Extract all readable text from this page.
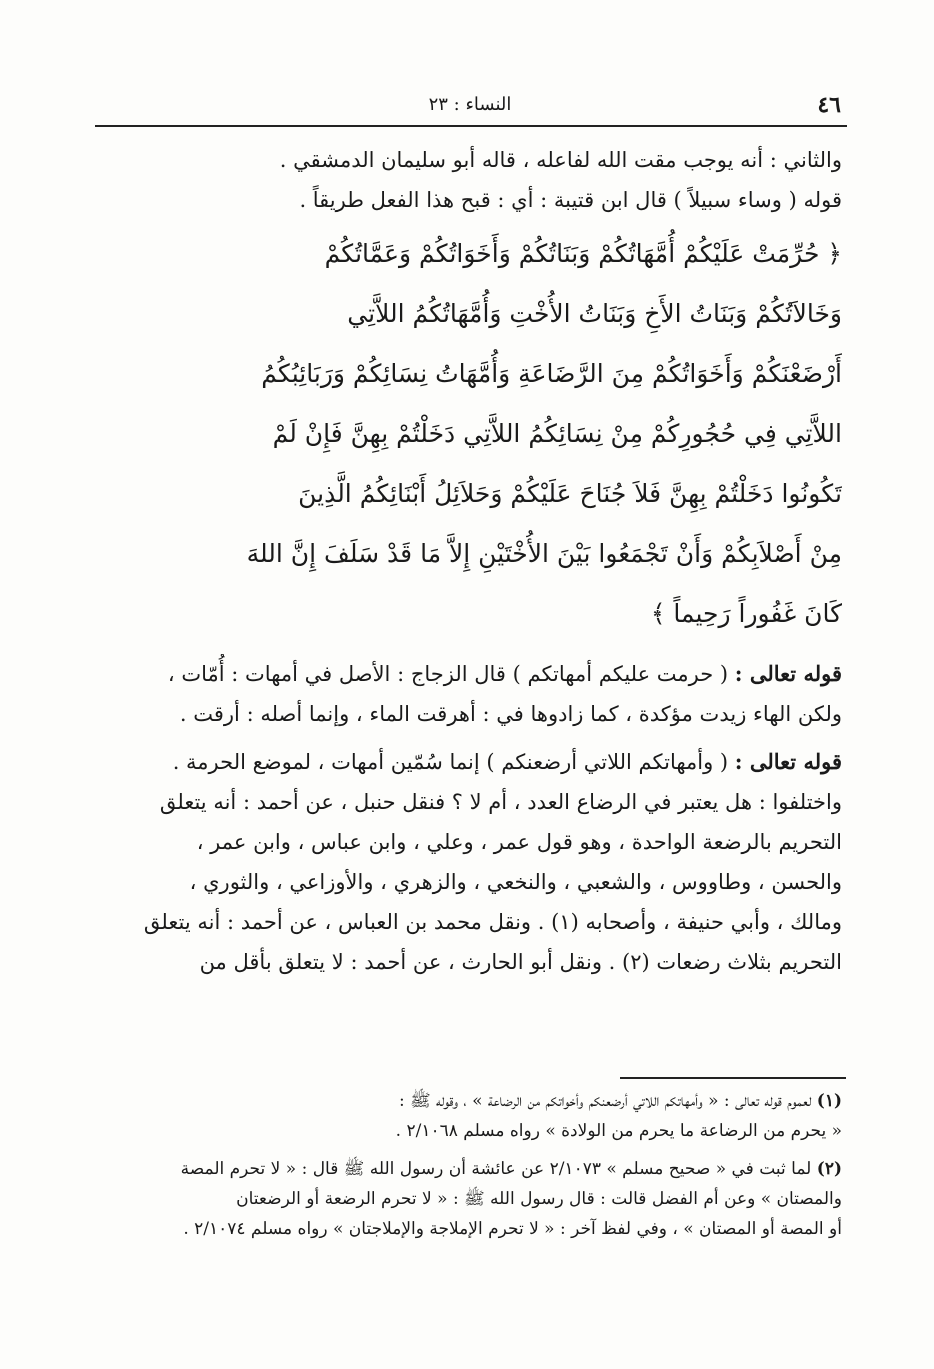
٤٦
النساء : ٢٣
والثاني : أنه يوجب مقت الله لفاعله ، قاله أبو سليمان الدمشقي .
قوله ( وساء سبيلاً ) قال ابن قتيبة : أي : قبح هذا الفعل طريقاً .
﴿ حُرِّمَتْ عَلَيْكُمْ أُمَّهَاتُكُمْ وَبَنَاتُكُمْ وَأَخَوَاتُكُمْ وَعَمَّاتُكُمْ
وَخَالاَتُكُمْ وَبَنَاتُ الأَخِ وَبَنَاتُ الأُخْتِ وَأُمَّهَاتُكُمُ اللاَّتِي
أَرْضَعْنَكُمْ وَأَخَوَاتُكُمْ مِنَ الرَّضَاعَةِ وَأُمَّهَاتُ نِسَائِكُمْ وَرَبَائِبُكُمُ
اللاَّتِي فِي حُجُورِكُمْ مِنْ نِسَائِكُمُ اللاَّتِي دَخَلْتُمْ بِهِنَّ فَإِنْ لَمْ
تَكُونُوا دَخَلْتُمْ بِهِنَّ فَلاَ جُنَاحَ عَلَيْكُمْ وَحَلاَئِلُ أَبْنَائِكُمُ الَّذِينَ
مِنْ أَصْلاَبِكُمْ وَأَنْ تَجْمَعُوا بَيْنَ الأُخْتَيْنِ إِلاَّ مَا قَدْ سَلَفَ إِنَّ اللهَ
كَانَ غَفُوراً رَحِيماً ﴾
قوله تعالى : ( حرمت عليكم أمهاتكم ) قال الزجاج : الأصل في أمهات : أُمّات ،
ولكن الهاء زيدت مؤكدة ، كما زادوها في : أهرقت الماء ، وإنما أصله : أرقت .
قوله تعالى : ( وأمهاتكم اللاتي أرضعنكم ) إنما سُمّين أمهات ، لموضع الحرمة .
واختلفوا : هل يعتبر في الرضاع العدد ، أم لا ؟ فنقل حنبل ، عن أحمد : أنه يتعلق
التحريم بالرضعة الواحدة ، وهو قول عمر ، وعلي ، وابن عباس ، وابن عمر ،
والحسن ، وطاووس ، والشعبي ، والنخعي ، والزهري ، والأوزاعي ، والثوري ،
ومالك ، وأبي حنيفة ، وأصحابه (١) . ونقل محمد بن العباس ، عن أحمد : أنه يتعلق
التحريم بثلاث رضعات (٢) . ونقل أبو الحارث ، عن أحمد : لا يتعلق بأقل من
(١) لعموم قوله تعالى : « وأمهاتكم اللاتي أرضعنكم وأخواتكم من الرضاعة » ، وقوله ﷺ :
« يحرم من الرضاعة ما يحرم من الولادة » رواه مسلم ٢/١٠٦٨ .
(٢) لما ثبت في « صحيح مسلم » ٢/١٠٧٣ عن عائشة أن رسول الله ﷺ قال : « لا تحرم المصة
والمصتان » وعن أم الفضل قالت : قال رسول الله ﷺ : « لا تحرم الرضعة أو الرضعتان
أو المصة أو المصتان » ، وفي لفظ آخر : « لا تحرم الإملاجة والإملاجتان » رواه مسلم ٢/١٠٧٤ .
